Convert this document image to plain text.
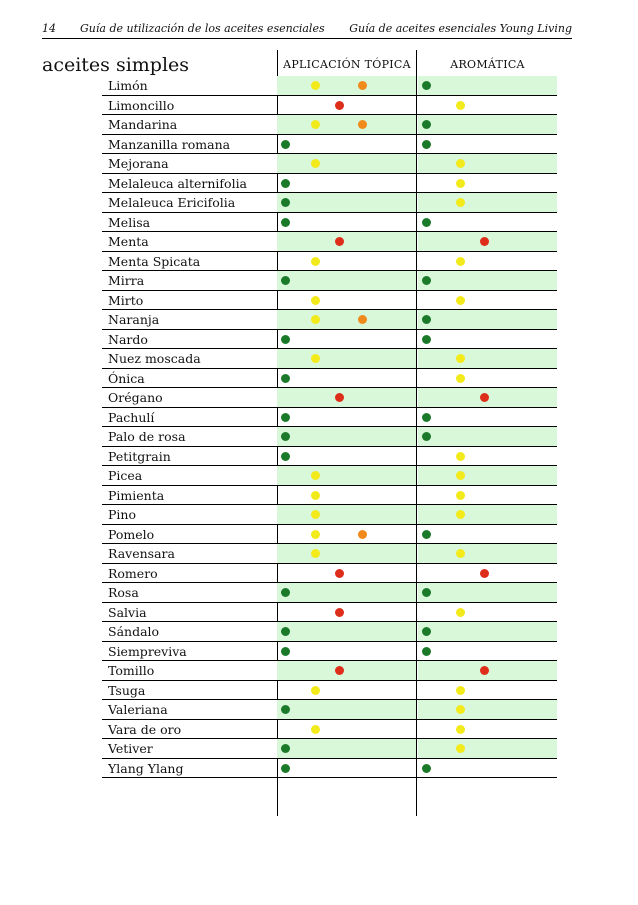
14 Guía de utilización de los aceites esenciales Guía de aceites esenciales Young Living
aceites simples	APLICACIÓN TÓPICA	AROMÁTICA
Limón
Limoncillo
Mandarina
Manzanilla romana
Mejorana
Melaleuca alternifolia
Melaleuca Ericifolia
Melisa
Menta
Menta Spicata
Mirra
Mirto
Naranja
Nardo
Nuez moscada
Ónica
Orégano
Pachulí
Palo de rosa
Petitgrain
Picea
Pimienta
Pino
Pomelo
Ravensara
Romero
Rosa
Salvia
Sándalo
Siempreviva
Tomillo
Tsuga
Valeriana
Vara de oro
Vetiver
Ylang Ylang
